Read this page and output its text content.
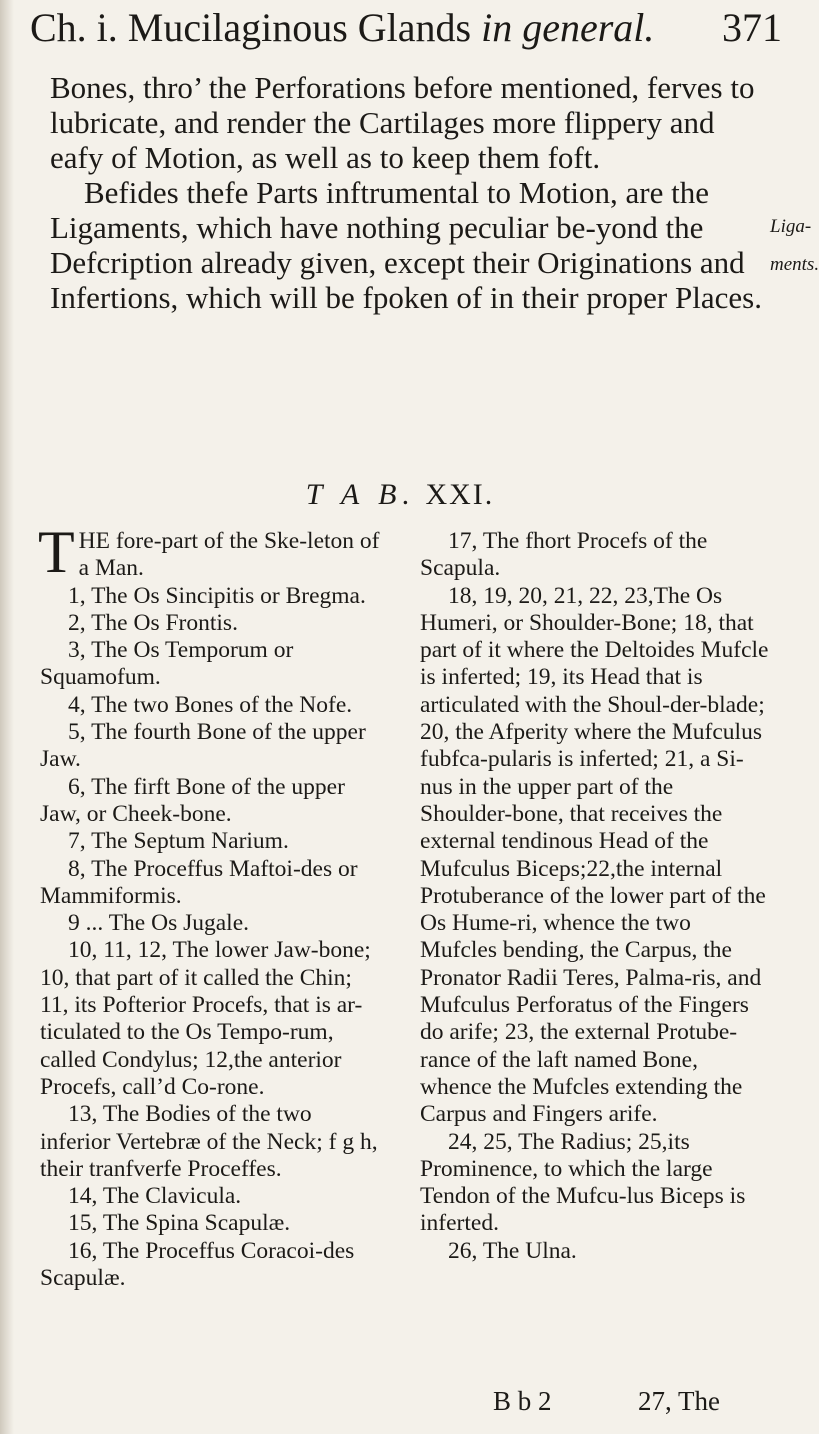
Ch. i. Mucilaginous Glands in general. 371

Bones, thro’ the Perforations before mentioned, ferves to lubricate, and render the Cartilages more flippery and eafy of Motion, as well as to keep them foft.

Befides thefe Parts inftrumental to Motion, are the Ligaments, which have nothing peculiar be-yond the Defcription already given, except their Originations and Infertions, which will be fpoken of in their proper Places.

Liga-ments.
T A B. XXI.

THE fore-part of the Ske-leton of a Man.

1, The Os Sincipitis or Bregma.

2, The Os Frontis.

3, The Os Temporum or Squamofum.

4, The two Bones of the Nofe.

5, The fourth Bone of the upper Jaw.

6, The firft Bone of the upper Jaw, or Cheek-bone.

7, The Septum Narium.

8, The Proceffus Maftoi-des or Mammiformis.

9 ... The Os Jugale.

10, 11, 12, The lower Jaw-bone; 10, that part of it called the Chin; 11, its Pofterior Procefs, that is ar-ticulated to the Os Tempo-rum, called Condylus; 12,the anterior Procefs, call’d Co-rone.

13, The Bodies of the two inferior Vertebræ of the Neck; f g h, their tranfverfe Proceffes.

14, The Clavicula.

15, The Spina Scapulæ.

16, The Proceffus Coracoi-des Scapulæ.

17, The fhort Procefs of the Scapula.

18, 19, 20, 21, 22, 23,The Os Humeri, or Shoulder-Bone; 18, that part of it where the Deltoides Mufcle is inferted; 19, its Head that is articulated with the Shoul-der-blade; 20, the Afperity where the Mufculus fubfca-pularis is inferted; 21, a Si-nus in the upper part of the Shoulder-bone, that receives the external tendinous Head of the Mufculus Biceps;22,the internal Protuberance of the lower part of the Os Hume-ri, whence the two Mufcles bending, the Carpus, the Pronator Radii Teres, Palma-ris, and Mufculus Perforatus of the Fingers do arife; 23, the external Protube-rance of the laft named Bone, whence the Mufcles extending the Carpus and Fingers arife.

24, 25, The Radius; 25,its Prominence, to which the large Tendon of the Mufcu-lus Biceps is inferted.

26, The Ulna.

B b 2	27, The
